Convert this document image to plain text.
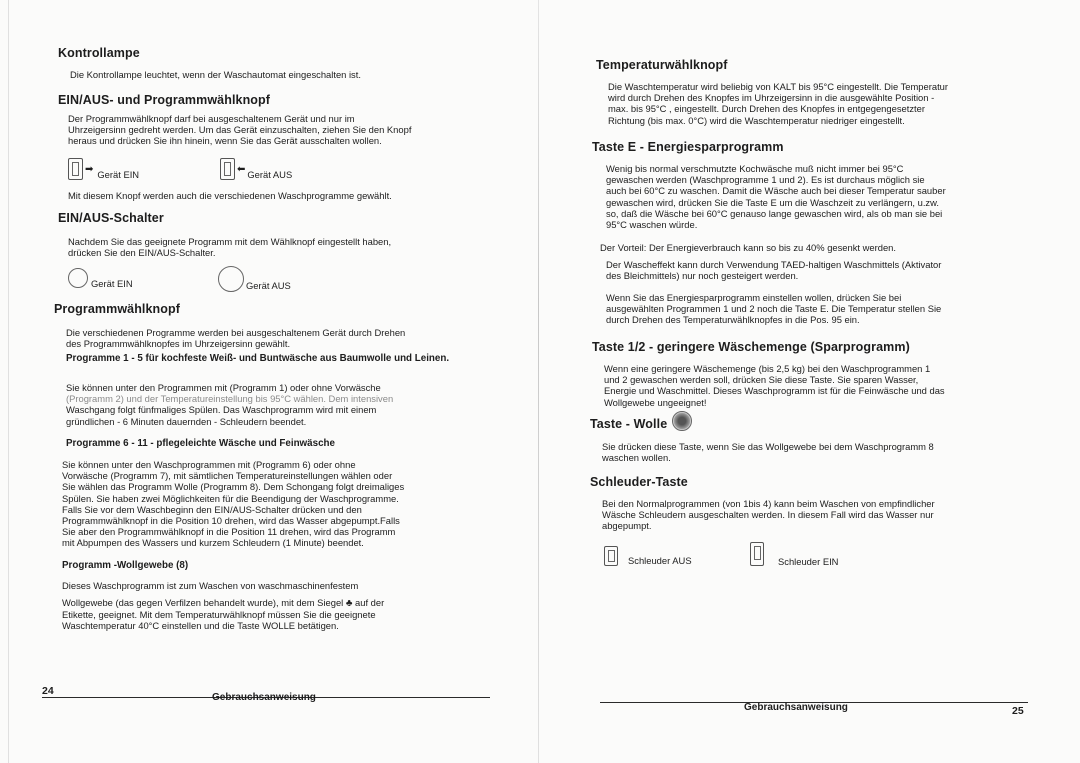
Kontrollampe

Die Kontrollampe leuchtet, wenn der Waschautomat eingeschalten ist.

EIN/AUS- und Programmwählknopf

Der Programmwählknopf darf bei ausgeschaltenem Gerät und nur im

Uhrzeigersinn gedreht werden. Um das Gerät einzuschalten, ziehen Sie den Knopf

heraus und drücken Sie ihn hinein, wenn Sie das Gerät ausschalten wollen.

➡ Gerät EIN	⬅ Gerät AUS

Mit diesem Knopf werden auch die verschiedenen Waschprogramme gewählt.

EIN/AUS-Schalter

Nachdem Sie das geeignete Programm mit dem Wählknopf eingestellt haben,

drücken Sie den EIN/AUS-Schalter.

Gerät EIN	Gerät AUS
Programmwählknopf

Die verschiedenen Programme werden bei ausgeschaltenem Gerät durch Drehen

des Programmwählknopfes im Uhrzeigersinn gewählt.

Programme 1 - 5 für kochfeste Weiß- und Buntwäsche aus Baumwolle und Leinen.

Sie können unter den Programmen mit (Programm 1) oder ohne Vorwäsche

(Programm 2) und der Temperatureinstellung bis 95°C wählen. Dem intensiven

Waschgang folgt fünfmaliges Spülen. Das Waschprogramm wird mit einem

gründlichen - 6 Minuten dauernden - Schleudern beendet.

Programme 6 - 11 - pflegeleichte Wäsche und Feinwäsche

Sie können unter den Waschprogrammen mit (Programm 6) oder ohne

Vorwäsche (Programm 7), mit sämtlichen Temperatureinstellungen wählen oder

Sie wählen das Programm Wolle (Programm 8). Dem Schongang folgt dreimaliges

Spülen. Sie haben zwei Möglichkeiten für die Beendigung der Waschprogramme.

Falls Sie vor dem Waschbeginn den EIN/AUS-Schalter drücken und den

Programmwählknopf in die Position 10 drehen, wird das Wasser abgepumpt.Falls

Sie aber den Programmwählknopf in die Position 11 drehen, wird das Programm

mit Abpumpen des Wassers und kurzem Schleudern (1 Minute) beendet.

Programm -Wollgewebe (8)

Dieses Waschprogramm ist zum Waschen von waschmaschinenfestem

Wollgewebe (das gegen Verfilzen behandelt wurde), mit dem Siegel ♣ auf der

Etikette, geeignet. Mit dem Temperaturwählknopf müssen Sie die geeignete

Waschtemperatur 40°C einstellen und die Taste WOLLE betätigen.

24
Gebrauchsanweisung
Temperaturwählknopf

Die Waschtemperatur wird beliebig von KALT bis 95°C eingestellt. Die Temperatur

wird durch Drehen des Knopfes im Uhrzeigersinn in die ausgewählte Position -

max. bis 95°C , eingestellt. Durch Drehen des Knopfes in entgegengesetzter

Richtung (bis max. 0°C) wird die Waschtemperatur niedriger eingestellt.

Taste E - Energiesparprogramm

Wenig bis normal verschmutzte Kochwäsche muß nicht immer bei 95°C

gewaschen werden (Waschprogramme 1 und 2). Es ist durchaus möglich sie

auch bei 60°C zu waschen. Damit die Wäsche auch bei dieser Temperatur sauber

gewaschen wird, drücken Sie die Taste E um die Waschzeit zu verlängern, u.zw.

so, daß die Wäsche bei 60°C genauso lange gewaschen wird, als ob man sie bei

95°C waschen würde.

Der Vorteil: Der Energieverbrauch kann so bis zu 40% gesenkt werden.

Der Wascheffekt kann durch Verwendung TAED-haltigen Waschmittels (Aktivator

des Bleichmittels) nur noch gesteigert werden.

Wenn Sie das Energiesparprogramm einstellen wollen, drücken Sie bei

ausgewählten Programmen 1 und 2 noch die Taste E. Die Temperatur stellen Sie

durch Drehen des Temperaturwählknopfes in die Pos. 95 ein.

Taste 1/2 - geringere Wäschemenge (Sparprogramm)

Wenn eine geringere Wäschemenge (bis 2,5 kg) bei den Waschprogrammen 1

und 2 gewaschen werden soll, drücken Sie diese Taste. Sie sparen Wasser,

Energie und Waschmittel. Dieses Waschprogramm ist für die Feinwäsche und das

Wollgewebe ungeeignet!

Taste - Wolle

Sie drücken diese Taste, wenn Sie das Wollgewebe bei dem Waschprogramm 8

waschen wollen.

Schleuder-Taste

Bei den Normalprogrammen (von 1bis 4) kann beim Waschen von empfindlicher

Wäsche Schleudern ausgeschalten werden. In diesem Fall wird das Wasser nur

abgepumpt.

Schleuder AUS	Schleuder EIN
Gebrauchsanweisung	25
